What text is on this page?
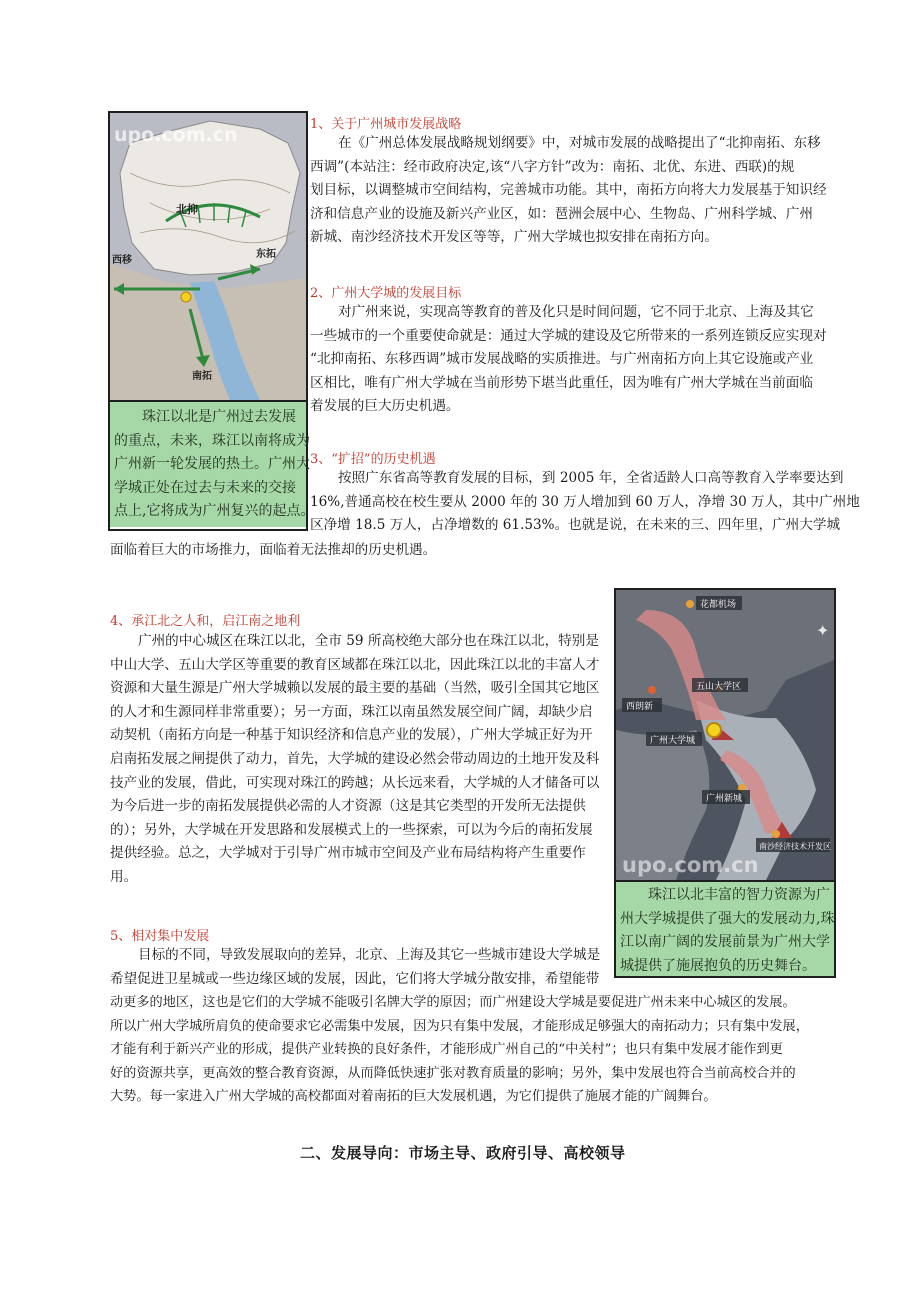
upo.com.cn
北抑
西移
东拓
南拓
珠江以北是广州过去发展
的重点，未来，珠江以南将成为
广州新一轮发展的热土。广州大
学城正处在过去与未来的交接
点上,它将成为广州复兴的起点。
1、关于广州城市发展战略
在《广州总体发展战略规划纲要》中，对城市发展的战略提出了“北抑南拓、东移
西调”(本站注：经市政府决定,该“八字方针”改为：南拓、北优、东进、西联)的规
划目标，以调整城市空间结构，完善城市功能。其中，南拓方向将大力发展基于知识经
济和信息产业的设施及新兴产业区，如：琶洲会展中心、生物岛、广州科学城、广州
新城、南沙经济技术开发区等等，广州大学城也拟安排在南拓方向。
2、广州大学城的发展目标
对广州来说，实现高等教育的普及化只是时间问题，它不同于北京、上海及其它
一些城市的一个重要使命就是：通过大学城的建设及它所带来的一系列连锁反应实现对
“北抑南拓、东移西调”城市发展战略的实质推进。与广州南拓方向上其它设施或产业
区相比，唯有广州大学城在当前形势下堪当此重任，因为唯有广州大学城在当前面临
着发展的巨大历史机遇。
3、“扩招”的历史机遇
按照广东省高等教育发展的目标，到 2005 年，全省适龄人口高等教育入学率要达到
16%,普通高校在校生要从 2000 年的 30 万人增加到 60 万人，净增 30 万人，其中广州地
区净增 18.5 万人，占净增数的 61.53%。也就是说，在未来的三、四年里，广州大学城
面临着巨大的市场推力，面临着无法推却的历史机遇。
✦
花都机场
五山大学区
西朗新
广州大学城
广州新城
南沙经济技术开发区
upo.com.cn
珠江以北丰富的智力资源为广
州大学城提供了强大的发展动力,珠
江以南广阔的发展前景为广州大学
城提供了施展抱负的历史舞台。
4、承江北之人和，启江南之地利
广州的中心城区在珠江以北，全市 59 所高校绝大部分也在珠江以北，特别是
中山大学、五山大学区等重要的教育区域都在珠江以北，因此珠江以北的丰富人才
资源和大量生源是广州大学城赖以发展的最主要的基础（当然，吸引全国其它地区
的人才和生源同样非常重要）；另一方面，珠江以南虽然发展空间广阔，却缺少启
动契机（南拓方向是一种基于知识经济和信息产业的发展），广州大学城正好为开
启南拓发展之闸提供了动力，首先，大学城的建设必然会带动周边的土地开发及科
技产业的发展，借此，可实现对珠江的跨越；从长远来看，大学城的人才储备可以
为今后进一步的南拓发展提供必需的人才资源（这是其它类型的开发所无法提供
的）；另外，大学城在开发思路和发展模式上的一些探索，可以为今后的南拓发展
提供经验。总之，大学城对于引导广州市城市空间及产业布局结构将产生重要作
用。
5、相对集中发展
目标的不同，导致发展取向的差异，北京、上海及其它一些城市建设大学城是
希望促进卫星城或一些边缘区域的发展，因此，它们将大学城分散安排，希望能带
动更多的地区，这也是它们的大学城不能吸引名牌大学的原因；而广州建设大学城是要促进广州未来中心城区的发展。
所以广州大学城所肩负的使命要求它必需集中发展，因为只有集中发展，才能形成足够强大的南拓动力；只有集中发展，
才能有利于新兴产业的形成，提供产业转换的良好条件，才能形成广州自己的“中关村”；也只有集中发展才能作到更
好的资源共享，更高效的整合教育资源，从而降低快速扩张对教育质量的影响；另外，集中发展也符合当前高校合并的
大势。每一家进入广州大学城的高校都面对着南拓的巨大发展机遇，为它们提供了施展才能的广阔舞台。
二、发展导向：市场主导、政府引导、高校领导
